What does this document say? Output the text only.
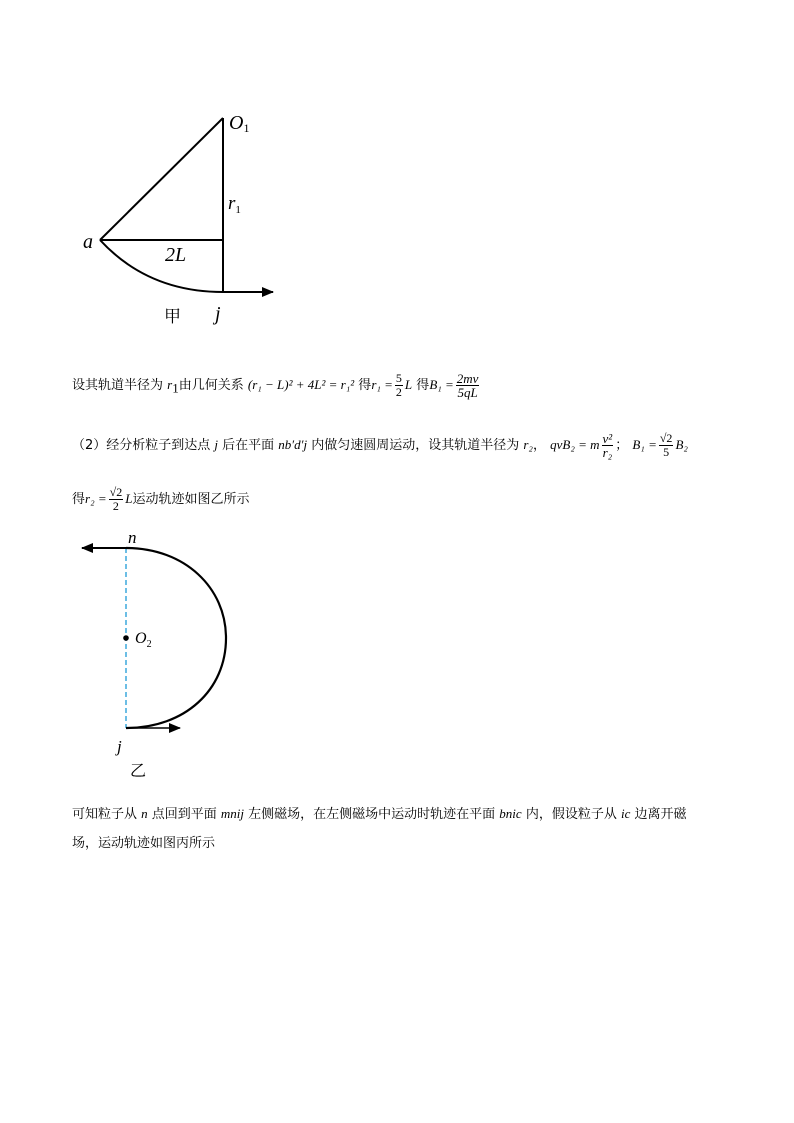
O1
$r_1$
a
2L
j
甲
n
$O_2$
j
乙
设其轨道半径为 $r_1$由几何关系 (r₁ − L)² + 4L² = r₁² 得$r_1 = \frac{5}{2}$ L 得$B_1 = \frac{2mv}{5qL}$
（2）经分析粒子到达点 j 后在平面 nb′d′j 内做匀速圆周运动，设其轨道半径为 r₂， qvB₂ = m $\frac{\text{v²}}{\text{r₂}}$ ； $B_1 = \frac{√2}{5} B_2$
得$r_2 = \frac{√2}{2}$ L运动轨迹如图乙所示
可知粒子从 n 点回到平面 mnij 左侧磁场，在左侧磁场中运动时轨迹在平面 bnic 内，假设粒子从 ic 边离开磁
场，运动轨迹如图丙所示
